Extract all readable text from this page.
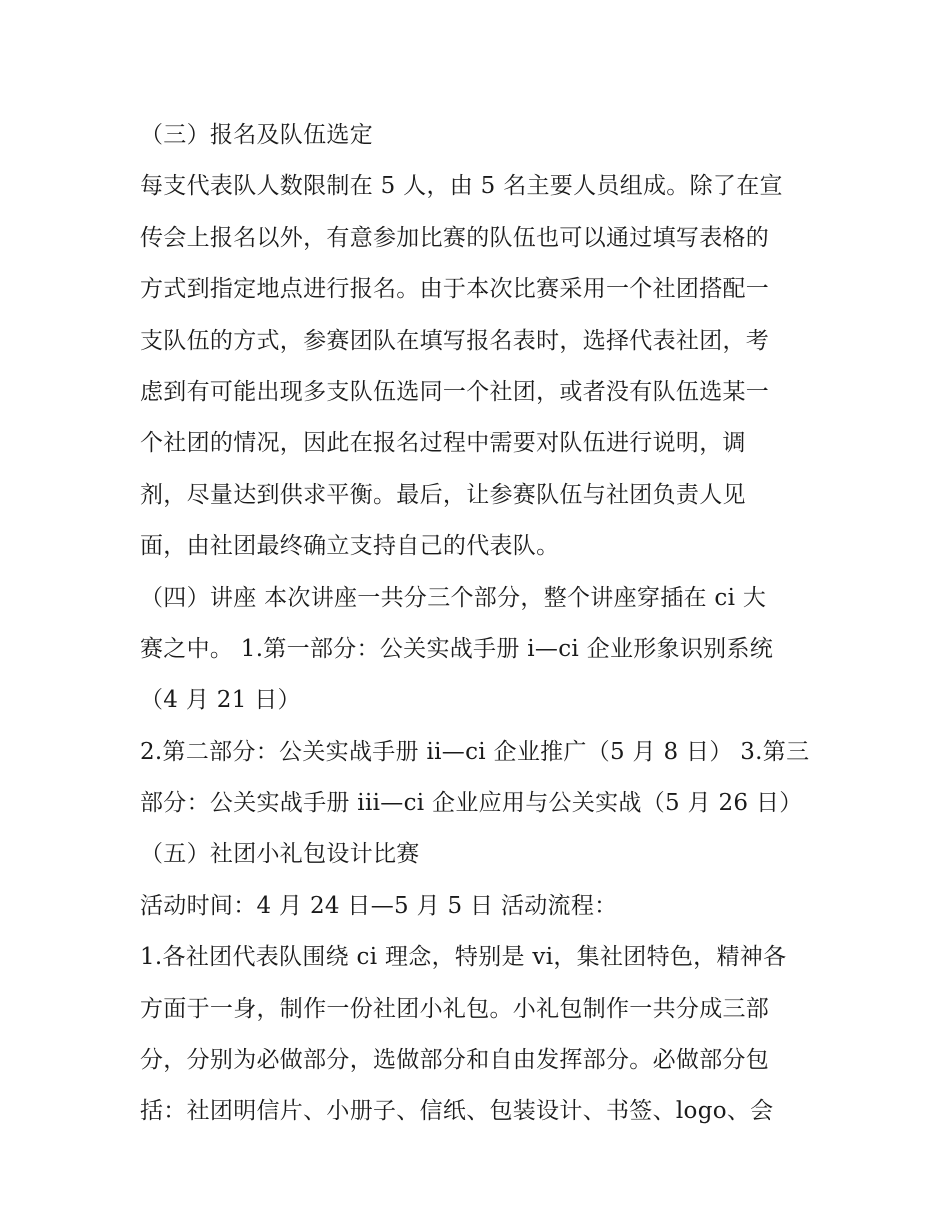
（三）报名及队伍选定
每支代表队人数限制在 5 人，由 5 名主要人员组成。除了在宣
传会上报名以外，有意参加比赛的队伍也可以通过填写表格的
方式到指定地点进行报名。由于本次比赛采用一个社团搭配一
支队伍的方式，参赛团队在填写报名表时，选择代表社团，考
虑到有可能出现多支队伍选同一个社团，或者没有队伍选某一
个社团的情况，因此在报名过程中需要对队伍进行说明，调
剂，尽量达到供求平衡。最后，让参赛队伍与社团负责人见
面，由社团最终确立支持自己的代表队。
（四）讲座 本次讲座一共分三个部分，整个讲座穿插在 ci 大
赛之中。 1.第一部分：公关实战手册 i—ci 企业形象识别系统
（4 月 21 日）
2.第二部分：公关实战手册 ii—ci 企业推广（5 月 8 日） 3.第三
部分：公关实战手册 iii—ci 企业应用与公关实战（5 月 26 日）
（五）社团小礼包设计比赛
活动时间：4 月 24 日—5 月 5 日 活动流程：
1.各社团代表队围绕 ci 理念，特别是 vi，集社团特色，精神各
方面于一身，制作一份社团小礼包。小礼包制作一共分成三部
分，分别为必做部分，选做部分和自由发挥部分。必做部分包
括：社团明信片、小册子、信纸、包装设计、书签、logo、会
